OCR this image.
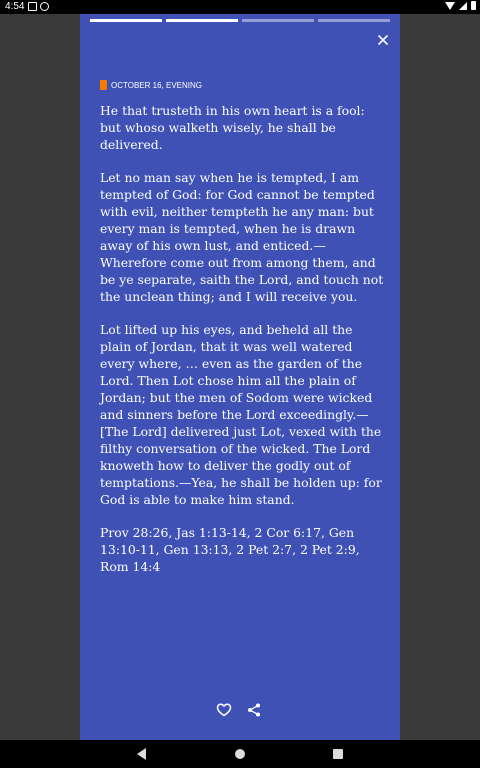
4:54
OCTOBER 16, EVENING

He that trusteth in his own heart is a fool: but whoso walketh wisely, he shall be delivered.

Let no man say when he is tempted, I am tempted of God: for God cannot be tempted with evil, neither tempteth he any man: but every man is tempted, when he is drawn away of his own lust, and enticed.—Wherefore come out from among them, and be ye separate, saith the Lord, and touch not the unclean thing; and I will receive you.

Lot lifted up his eyes, and beheld all the plain of Jordan, that it was well watered every where, … even as the garden of the Lord. Then Lot chose him all the plain of Jordan; but the men of Sodom were wicked and sinners before the Lord exceedingly.—[The Lord] delivered just Lot, vexed with the filthy conversation of the wicked. The Lord knoweth how to deliver the godly out of temptations.—Yea, he shall be holden up: for God is able to make him stand.

Prov 28:26, Jas 1:13-14, 2 Cor 6:17, Gen 13:10-11, Gen 13:13, 2 Pet 2:7, 2 Pet 2:9, Rom 14:4
